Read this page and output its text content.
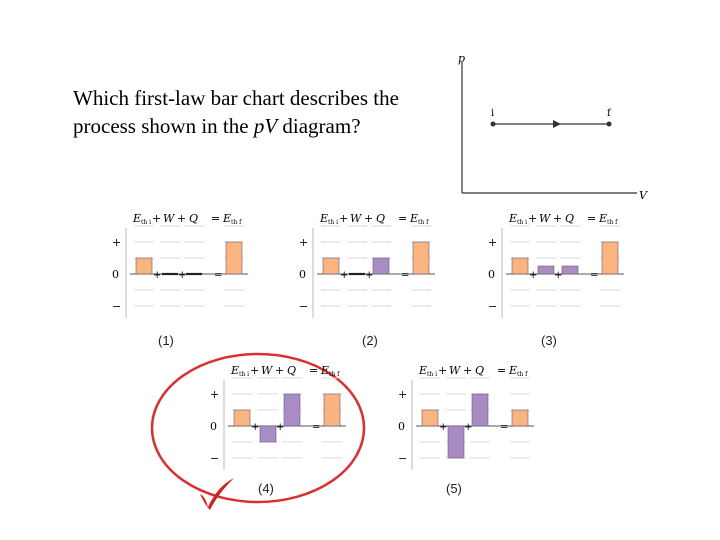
Which first-law bar chart describes the
process shown in the pV diagram?
p
V
i	f
E th i + W + Q = E th f
+
0
−
+ +	=
E th i + W + Q = E th f
+
0
−
+ +	=
E th i + W + Q = E th f
+
0
−
+ +	=
E th i + W + Q = E th f
+
0
−
+ +	=
E th i + W + Q = E th f
+
0
−
+ +	=
(1)	(2)	(3)
(4)	(5)
